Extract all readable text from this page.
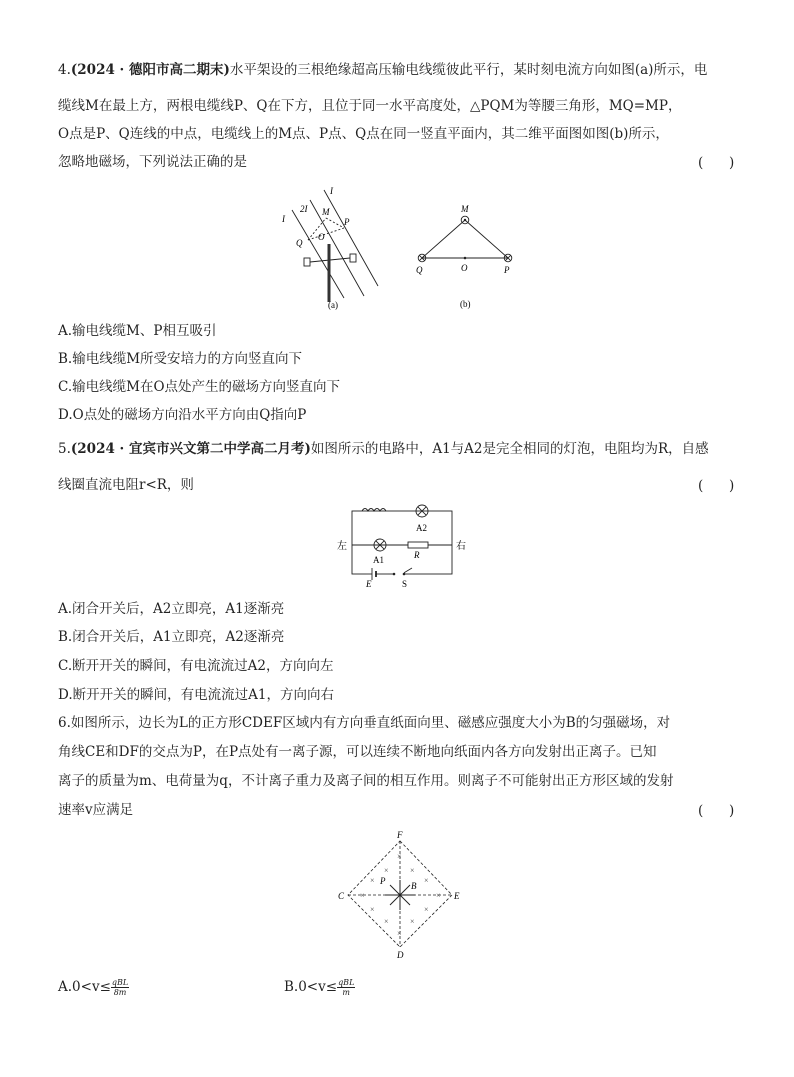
4.(2024 · 德阳市高二期末)水平架设的三根绝缘超高压输电线缆彼此平行，某时刻电流方向如图(a)所示，电
缆线M在最上方，两根电缆线P、Q在下方，且位于同一水平高度处，△PQM为等腰三角形，MQ=MP，
O点是P、Q连线的中点，电缆线上的M点、P点、Q点在同一竖直平面内，其二维平面图如图(b)所示，
忽略地磁场，下列说法正确的是	(      )
I
2I
I
M
P
Q
O
(a)
M
Q	O	P
(b)
A.输电线缆M、P相互吸引
B.输电线缆M所受安培力的方向竖直向下
C.输电线缆M在O点处产生的磁场方向竖直向下
D.O点处的磁场方向沿水平方向由Q指向P
5.(2024 · 宜宾市兴文第二中学高二月考)如图所示的电路中，A1与A2是完全相同的灯泡，电阻均为R，自感
线圈直流电阻r<R，则	(      )
左	右
A2
A1	R
E	S
A.闭合开关后，A2立即亮，A1逐渐亮
B.闭合开关后，A1立即亮，A2逐渐亮
C.断开开关的瞬间，有电流流过A2，方向向左
D.断开开关的瞬间，有电流流过A1，方向向右
6.如图所示，边长为L的正方形CDEF区域内有方向垂直纸面向里、磁感应强度大小为B的匀强磁场，对
角线CE和DF的交点为P，在P点处有一离子源，可以连续不断地向纸面内各方向发射出正离子。已知
离子的质量为m、电荷量为q，不计离子重力及离子间的相互作用。则离子不可能射出正方形区域的发射
速率v应满足	(      )
×
×	×
×	×
×	×
×	×
×	×
×
F
C	E
D
P	B
$A.0<v\le \frac{\text{qBL}}{8m}$	$B.0<v\le \frac{\text{qBL}}{m}$
